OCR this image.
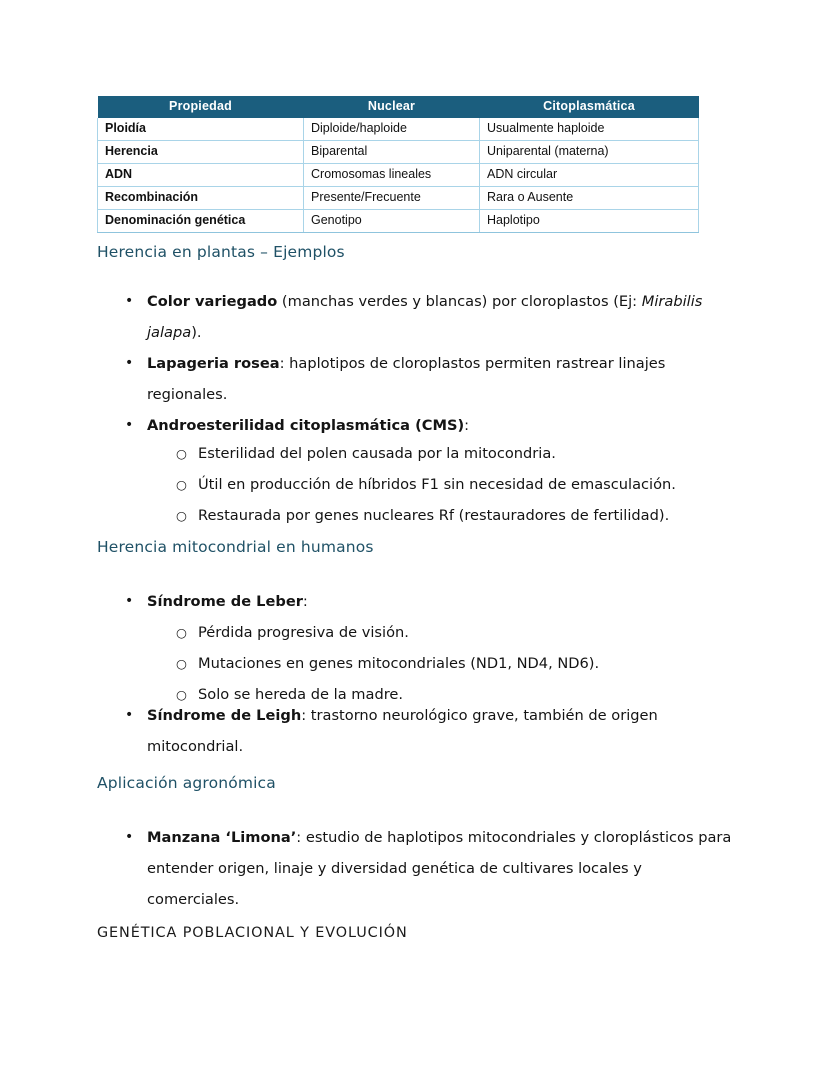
Propiedad	Nuclear	Citoplasmática
Ploidía	Diploide/haploide	Usualmente haploide
Herencia	Biparental	Uniparental (materna)
ADN	Cromosomas lineales	ADN circular
Recombinación	Presente/Frecuente	Rara o Ausente
Denominación genética	Genotipo	Haplotipo
Herencia en plantas – Ejemplos
• Color variegado (manchas verdes y blancas) por cloroplastos (Ej: Mirabilis jalapa).
• Lapageria rosea: haplotipos de cloroplastos permiten rastrear linajes regionales.
• Androesterilidad citoplasmática (CMS):
○ Esterilidad del polen causada por la mitocondria.
○ Útil en producción de híbridos F1 sin necesidad de emasculación.
○ Restaurada por genes nucleares Rf (restauradores de fertilidad).
Herencia mitocondrial en humanos
• Síndrome de Leber:
○ Pérdida progresiva de visión.
○ Mutaciones en genes mitocondriales (ND1, ND4, ND6).
○ Solo se hereda de la madre.
• Síndrome de Leigh: trastorno neurológico grave, también de origen mitocondrial.
Aplicación agronómica
• Manzana ‘Limona’: estudio de haplotipos mitocondriales y cloroplásticos para entender origen, linaje y diversidad genética de cultivares locales y comerciales.
GENÉTICA POBLACIONAL Y EVOLUCIÓN
